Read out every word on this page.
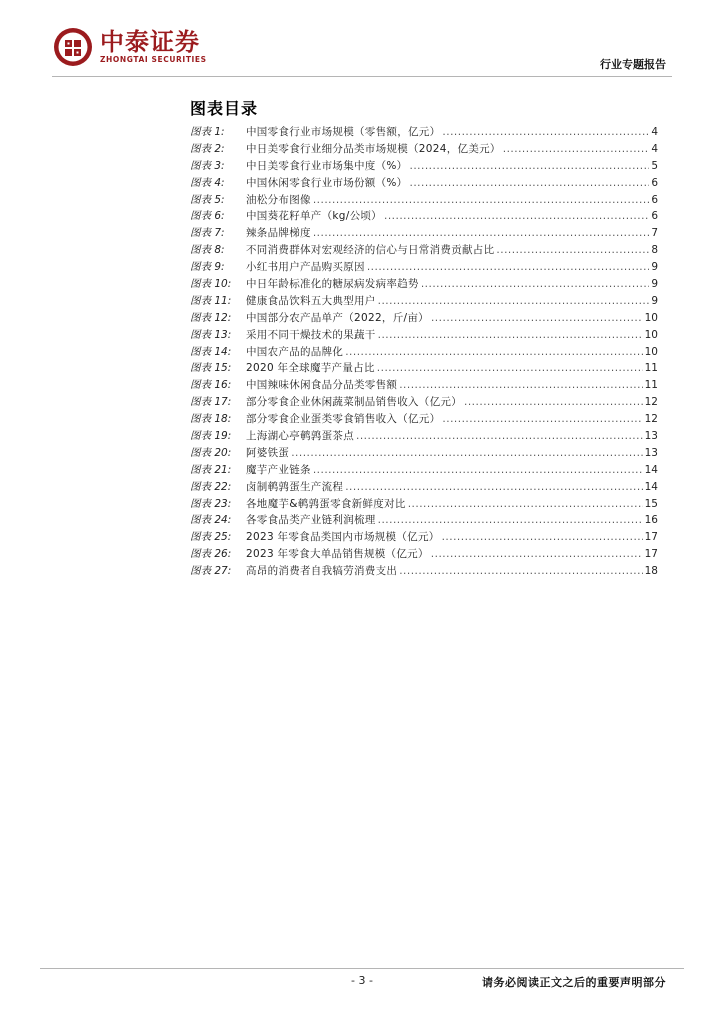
中泰证券
ZHONGTAI SECURITIES	行业专题报告
图表目录
图表 1:	中国零食行业市场规模（零售额，亿元） .....	4
图表 2:	中日美零食行业细分品类市场规模（2024，亿美元） .....	4
图表 3:	中日美零食行业市场集中度（%） .....	5
图表 4:	中国休闲零食行业市场份额（%） .....	6
图表 5:	油松分布图像 .....	6
图表 6:	中国葵花籽单产（kg/公顷） .....	6
图表 7:	辣条品牌梯度 .....	7
图表 8:	不同消费群体对宏观经济的信心与日常消费贡献占比 .....	8
图表 9:	小红书用户产品购买原因 .....	9
图表 10:	中日年龄标准化的糖尿病发病率趋势 .....	9
图表 11:	健康食品饮料五大典型用户 .....	9
图表 12:	中国部分农产品单产（2022，斤/亩） .....	10
图表 13:	采用不同干燥技术的果蔬干 .....	10
图表 14:	中国农产品的品牌化 .....	10
图表 15:	2020 年全球魔芋产量占比 .....	11
图表 16:	中国辣味休闲食品分品类零售额 .....	11
图表 17:	部分零食企业休闲蔬菜制品销售收入（亿元） .....	12
图表 18:	部分零食企业蛋类零食销售收入（亿元） .....	12
图表 19:	上海湖心亭鹌鹑蛋茶点 .....	13
图表 20:	阿婆铁蛋 .....	13
图表 21:	魔芋产业链条 .....	14
图表 22:	卤制鹌鹑蛋生产流程 .....	14
图表 23:	各地魔芋&鹌鹑蛋零食新鲜度对比 .....	15
图表 24:	各零食品类产业链利润梳理 .....	16
图表 25:	2023 年零食品类国内市场规模（亿元） .....	17
图表 26:	2023 年零食大单品销售规模（亿元） .....	17
图表 27:	高昂的消费者自我犒劳消费支出 .....	18
- 3 -	请务必阅读正文之后的重要声明部分
